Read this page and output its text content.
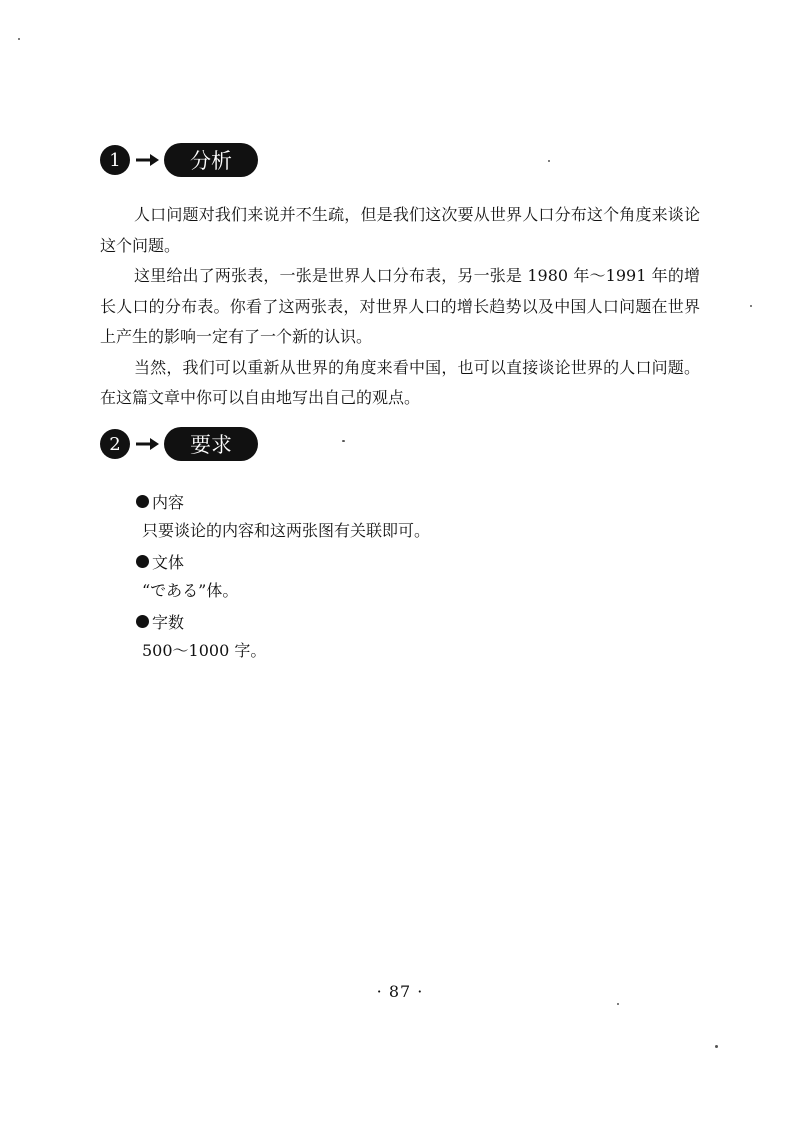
1	分析

人口问题对我们来说并不生疏，但是我们这次要从世界人口分布这个角度来谈论这个问题。

这里给出了两张表，一张是世界人口分布表，另一张是 1980 年～1991 年的增长人口的分布表。你看了这两张表，对世界人口的增长趋势以及中国人口问题在世界上产生的影响一定有了一个新的认识。

当然，我们可以重新从世界的角度来看中国，也可以直接谈论世界的人口问题。在这篇文章中你可以自由地写出自己的观点。

2	要求
内容
只要谈论的内容和这两张图有关联即可。
文体
“である”体。
字数
500～1000 字。
· 87 ·
